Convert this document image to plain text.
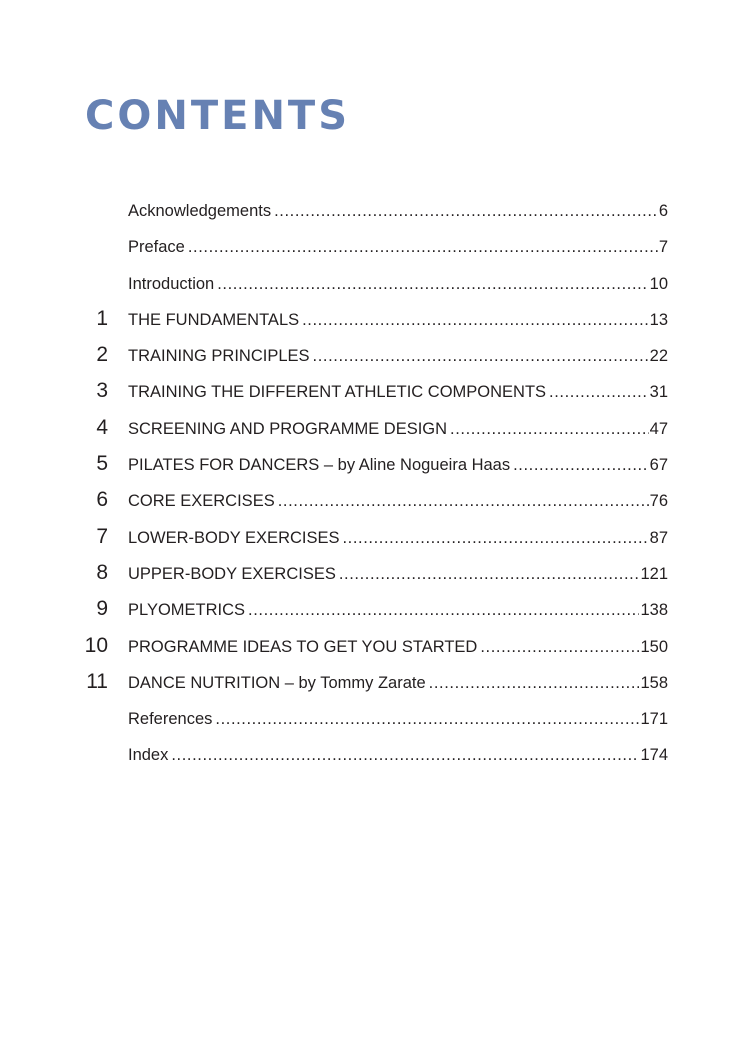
CONTENTS
Acknowledgements .....	6
Preface .....	7
Introduction .....	10
1 THE FUNDAMENTALS .....	13
2 TRAINING PRINCIPLES .....	22
3 TRAINING THE DIFFERENT ATHLETIC COMPONENTS .....	31
4 SCREENING AND PROGRAMME DESIGN .....	47
5 PILATES FOR DANCERS – by Aline Nogueira Haas .....	67
6 CORE EXERCISES .....	76
7 LOWER-BODY EXERCISES .....	87
8 UPPER-BODY EXERCISES .....	121
9 PLYOMETRICS .....	138
10 PROGRAMME IDEAS TO GET YOU STARTED .....	150
11 DANCE NUTRITION – by Tommy Zarate .....	158
References .....	171
Index .....	174
